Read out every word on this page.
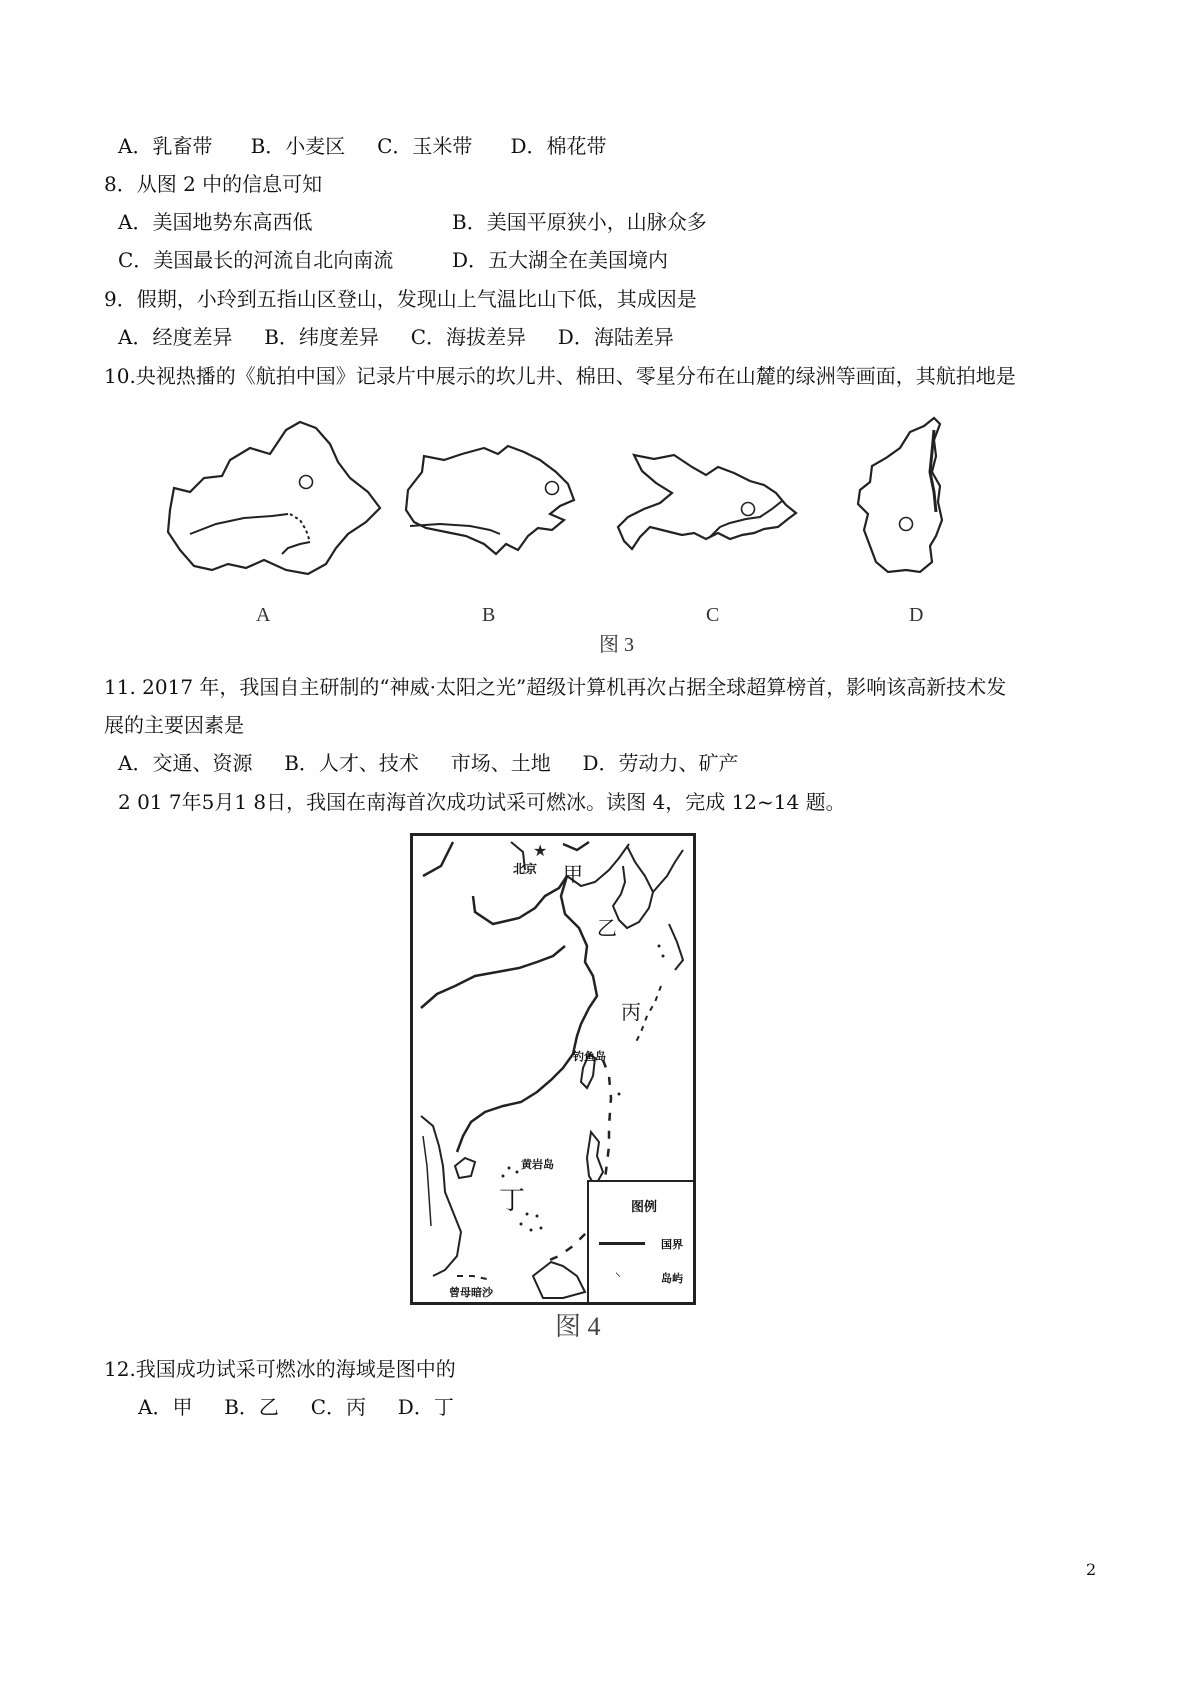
A．乳畜带      B．小麦区     C．玉米带      D．棉花带
8．从图 2 中的信息可知
A．美国地势东高西低	B．美国平原狭小，山脉众多
C．美国最长的河流自北向南流	D．五大湖全在美国境内
9．假期，小玲到五指山区登山，发现山上气温比山下低，其成因是
A．经度差异     B．纬度差异     C．海拔差异     D．海陆差异
10.央视热播的《航拍中国》记录片中展示的坎儿井、棉田、零星分布在山麓的绿洲等画面，其航拍地是
A	B	C	D
图 3
11. 2017 年，我国自主研制的“神威·太阳之光”超级计算机再次占据全球超算榜首，影响该高新技术发
展的主要因素是
A．交通、资源     B．人才、技术     市场、土地     D．劳动力、矿产
2 01 7年5月1 8日，我国在南海首次成功试采可燃冰。读图 4，完成 12~14 题。
★
北京 甲
乙
丙
钓鱼岛
黄岩岛
丁
曾母暗沙
图例
国界
⸌	岛屿
图 4
12.我国成功试采可燃冰的海域是图中的
A．甲     B．乙     C．丙     D．丁
2
